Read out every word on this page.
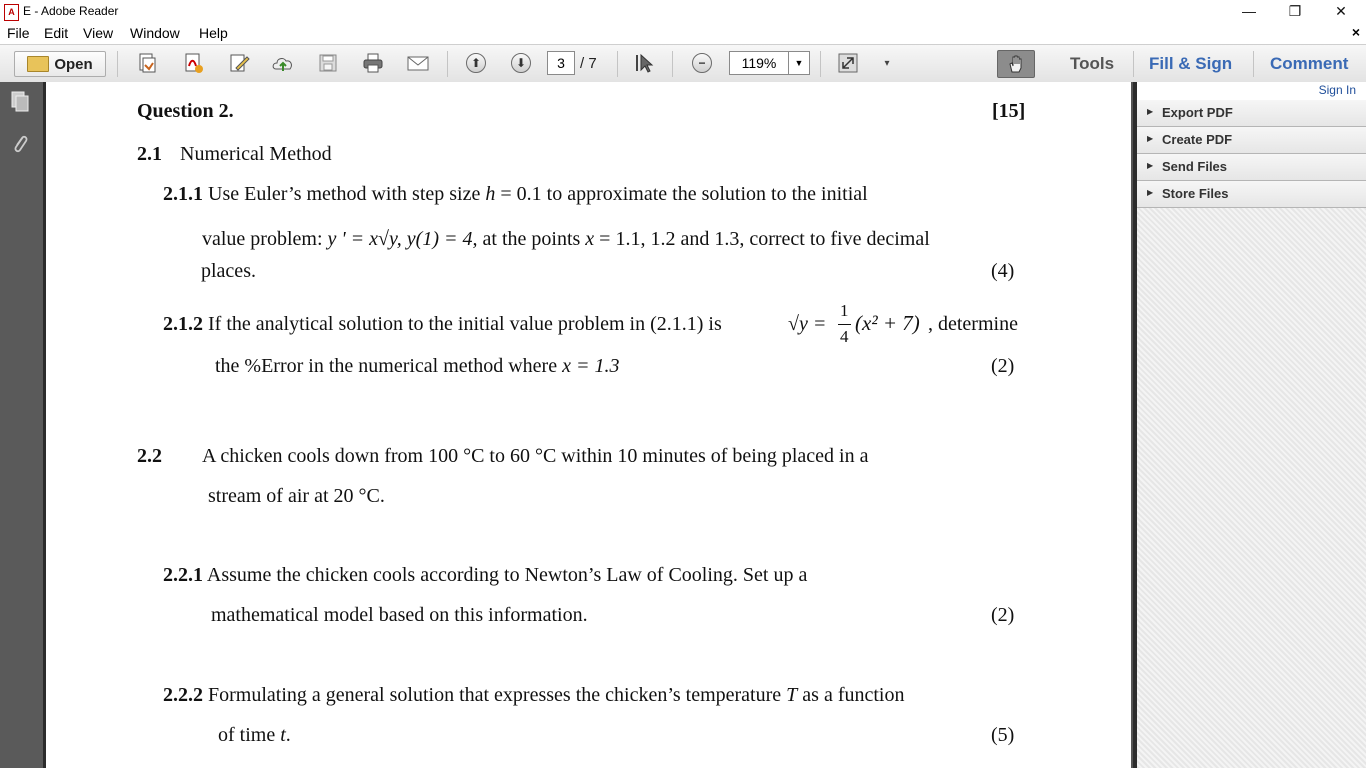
A E - Adobe Reader	—	❐	✕
File Edit View Window Help	×
Open	⬆	⬇	3	/ 7	−	119%	▼	▾	Tools Fill & Sign Comment
Question 2.	[15]
2.1 Numerical Method
2.1.1 Use Euler’s method with step size h = 0.1 to approximate the solution to the initial
value problem: y ' = x√y, y(1) = 4, at the points x = 1.1, 1.2 and 1.3, correct to five decimal
places.	(4)
2.1.2 If the analytical solution to the initial value problem in (2.1.1) is	√y =
1
4
(x² + 7) , determine
the %Error in the numerical method where x = 1.3	(2)
2.2 A chicken cools down from 100 °C to 60 °C within 10 minutes of being placed in a
stream of air at 20 °C.
2.2.1 Assume the chicken cools according to Newton’s Law of Cooling. Set up a
mathematical model based on this information.	(2)
2.2.2 Formulating a general solution that expresses the chicken’s temperature T as a function
of time t.	(5)
Sign In
▶ Export PDF
▶ Create PDF
▶ Send Files
▶ Store Files
